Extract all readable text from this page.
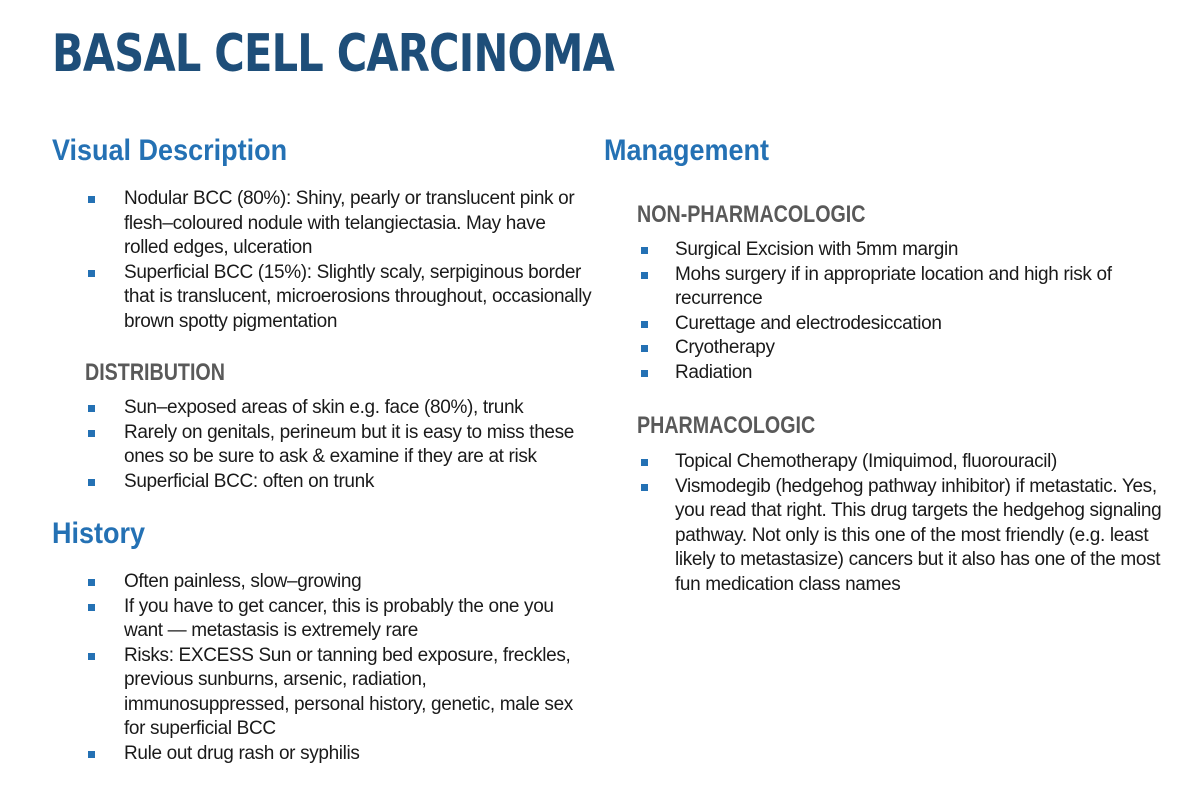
BASAL CELL CARCINOMA
Visual Description
Nodular BCC (80%): Shiny, pearly or translucent pink or flesh–coloured nodule with telangiectasia. May have rolled edges, ulceration
Superficial BCC (15%): Slightly scaly, serpiginous border that is translucent, microerosions throughout, occasionally brown spotty pigmentation
DISTRIBUTION
Sun–exposed areas of skin e.g. face (80%), trunk
Rarely on genitals, perineum but it is easy to miss these ones so be sure to ask & examine if they are at risk
Superficial BCC: often on trunk
History
Often painless, slow–growing
If you have to get cancer, this is probably the one you want — metastasis is extremely rare
Risks: EXCESS Sun or tanning bed exposure, freckles, previous sunburns, arsenic, radiation, immunosuppressed, personal history, genetic, male sex for superficial BCC
Rule out drug rash or syphilis
Management
NON-PHARMACOLOGIC
Surgical Excision with 5mm margin
Mohs surgery if in appropriate location and high risk of recurrence
Curettage and electrodesiccation
Cryotherapy
Radiation
PHARMACOLOGIC
Topical Chemotherapy (Imiquimod, fluorouracil)
Vismodegib (hedgehog pathway inhibitor) if metastatic. Yes, you read that right. This drug targets the hedgehog signaling pathway. Not only is this one of the most friendly (e.g. least likely to metastasize) cancers but it also has one of the most fun medication class names
